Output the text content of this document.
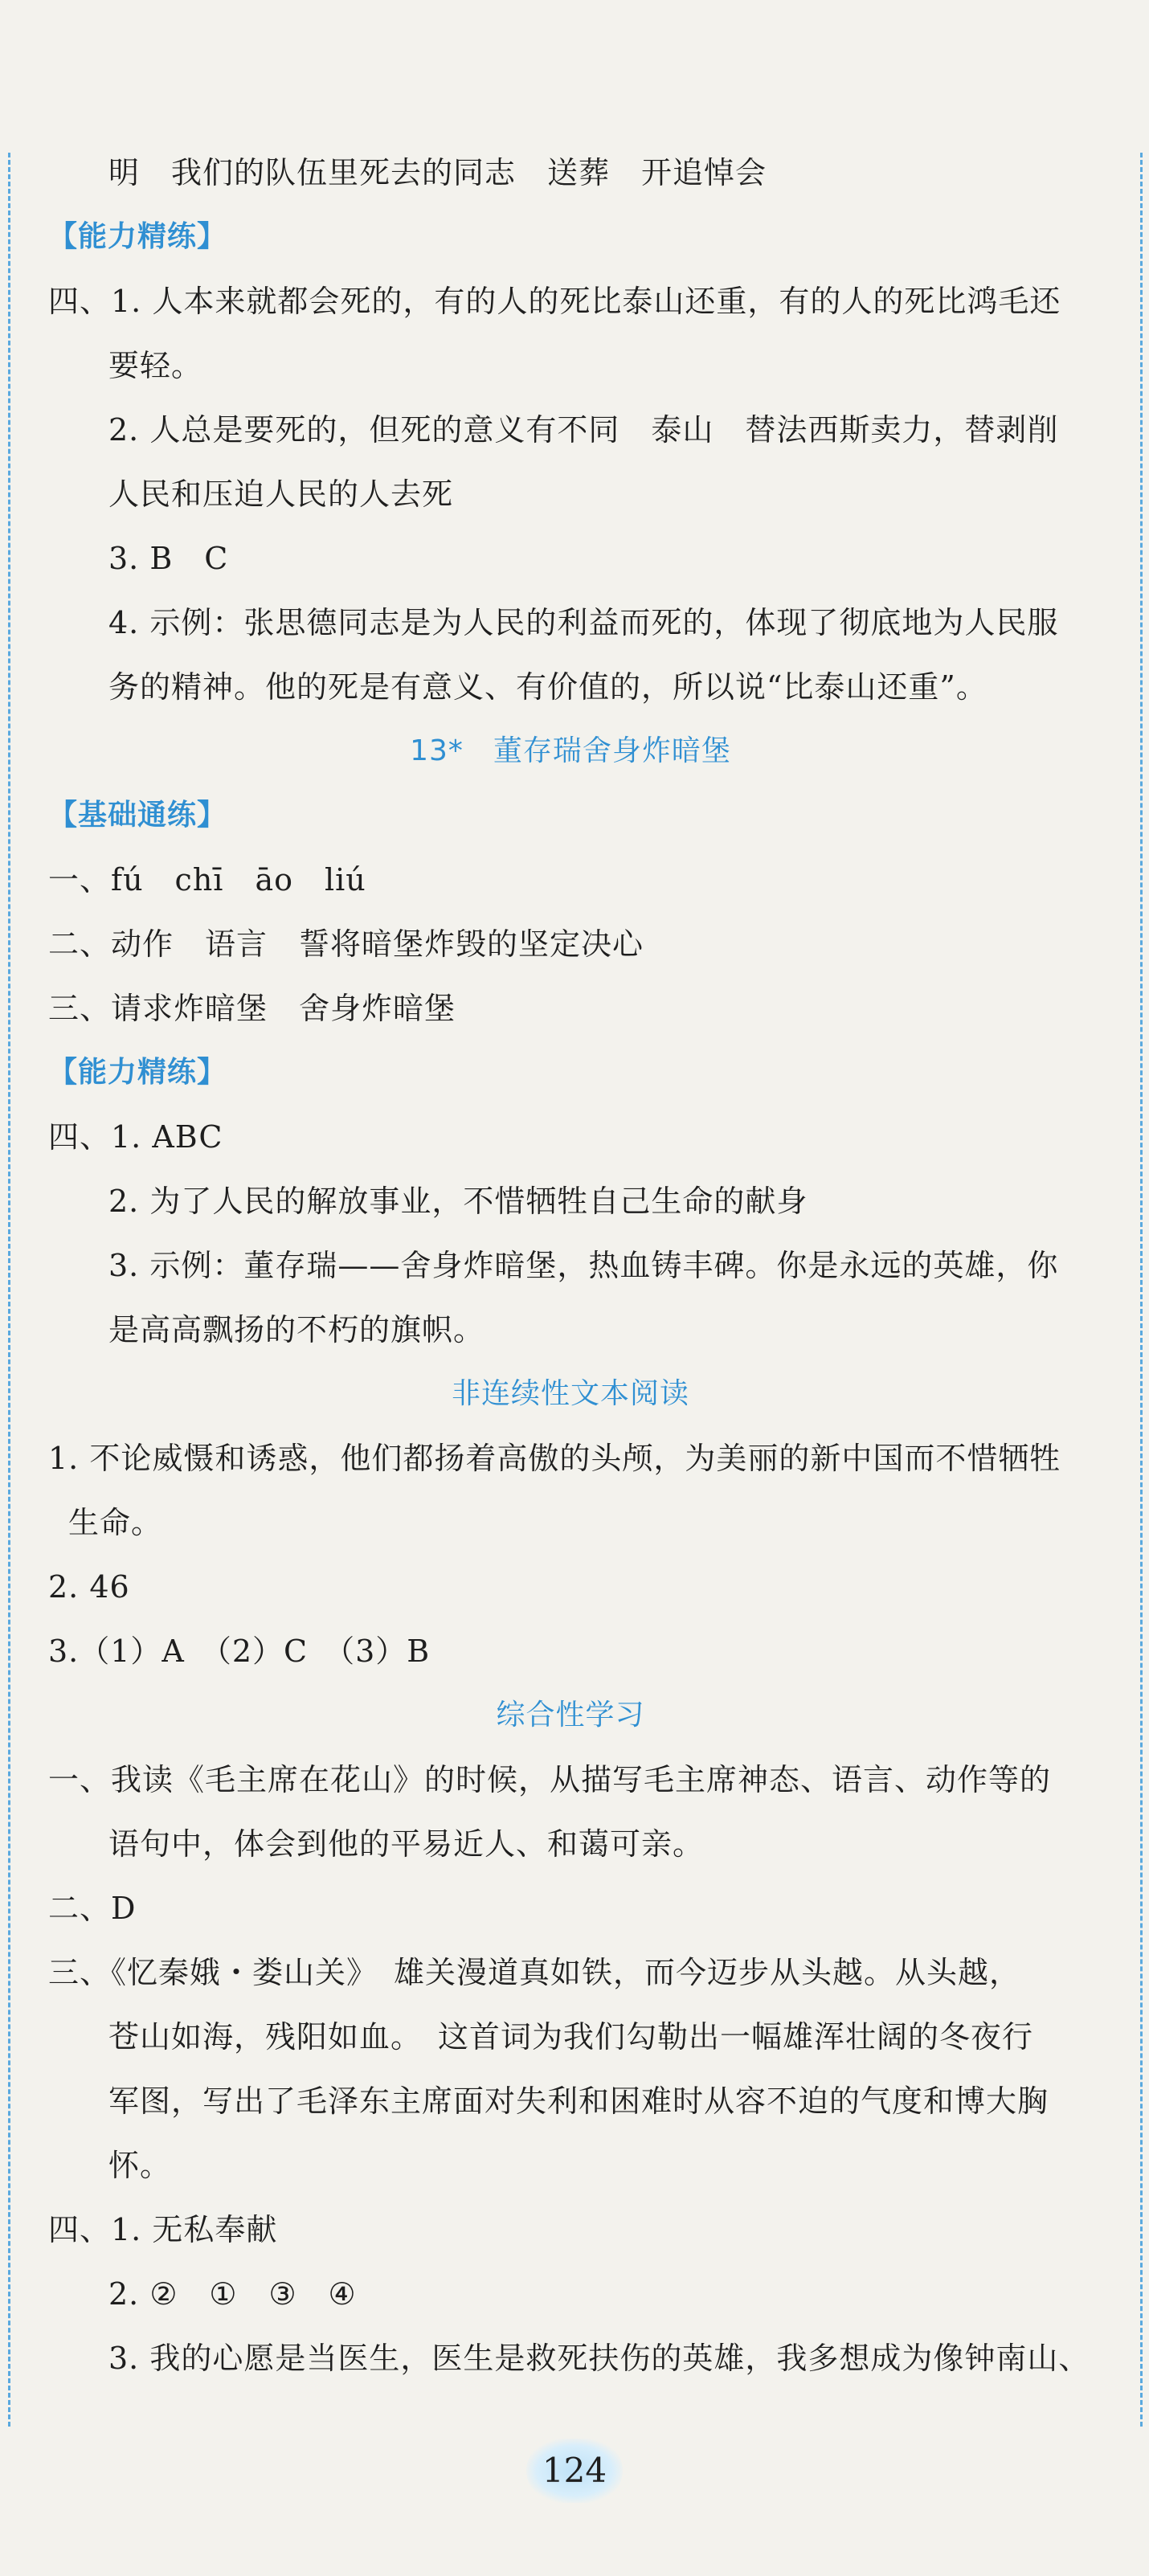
明　我们的队伍里死去的同志　送葬　开追悼会
【能力精练】
四、1. 人本来就都会死的，有的人的死比泰山还重，有的人的死比鸿毛还
要轻。
2. 人总是要死的，但死的意义有不同　泰山　替法西斯卖力，替剥削
人民和压迫人民的人去死
3. B　C
4. 示例：张思德同志是为人民的利益而死的，体现了彻底地为人民服
务的精神。他的死是有意义、有价值的，所以说“比泰山还重”。
13*　董存瑞舍身炸暗堡
【基础通练】
一、fú　chī　āo　liú
二、动作　语言　誓将暗堡炸毁的坚定决心
三、请求炸暗堡　舍身炸暗堡
【能力精练】
四、1. ABC
2. 为了人民的解放事业，不惜牺牲自己生命的献身
3. 示例：董存瑞——舍身炸暗堡，热血铸丰碑。你是永远的英雄，你
是高高飘扬的不朽的旗帜。
非连续性文本阅读
1. 不论威慑和诱惑，他们都扬着高傲的头颅，为美丽的新中国而不惜牺牲
生命。
2. 46
3.（1）A　（2）C　（3）B
综合性学习
一、我读《毛主席在花山》的时候，从描写毛主席神态、语言、动作等的
语句中，体会到他的平易近人、和蔼可亲。
二、D
三、《忆秦娥・娄山关》　雄关漫道真如铁，而今迈步从头越。从头越，
苍山如海，残阳如血。　这首词为我们勾勒出一幅雄浑壮阔的冬夜行
军图，写出了毛泽东主席面对失利和困难时从容不迫的气度和博大胸
怀。
四、1. 无私奉献
2. ②　①　③　④
3. 我的心愿是当医生，医生是救死扶伤的英雄，我多想成为像钟南山、
124
